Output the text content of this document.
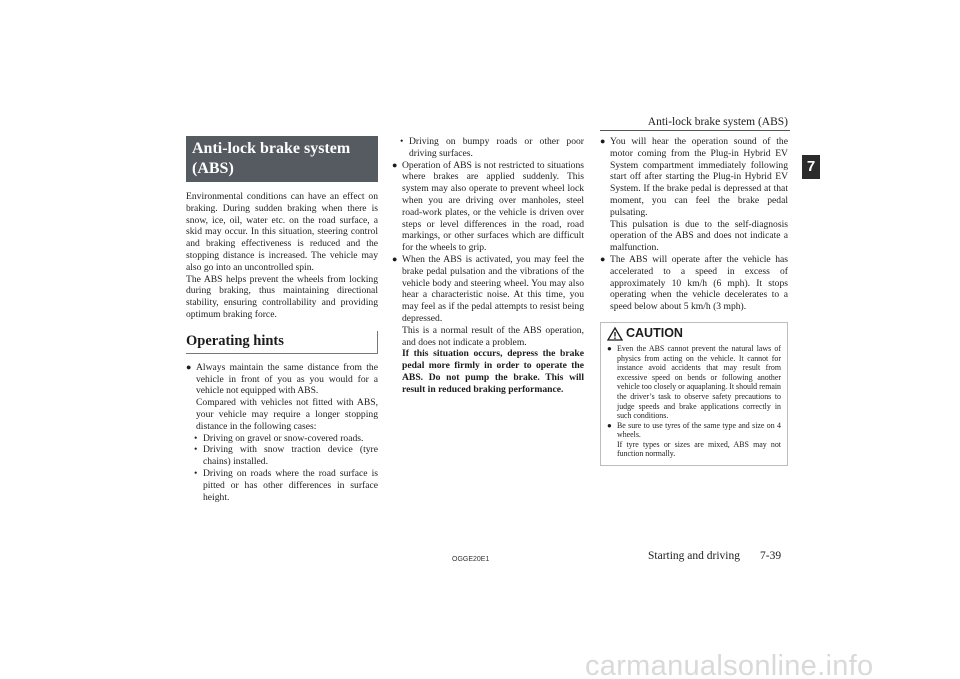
Anti-lock brake system (ABS)
7
Anti-lock brake system
(ABS)

Environmental conditions can have an effect on braking. During sudden braking when there is snow, ice, oil, water etc. on the road surface, a skid may occur. In this situation, steering control and braking effectiveness is reduced and the stopping distance is increased. The vehicle may also go into an uncontrolled spin.

The ABS helps prevent the wheels from locking during braking, thus maintaining directional stability, ensuring controllability and providing optimum braking force.

Operating hints
● Always maintain the same distance from the vehicle in front of you as you would for a vehicle not equipped with ABS.
Compared with vehicles not fitted with ABS, your vehicle may require a longer stopping distance in the following cases:
• Driving on gravel or snow-covered roads.
• Driving with snow traction device (tyre chains) installed.
• Driving on roads where the road surface is pitted or has other differences in surface height.
• Driving on bumpy roads or other poor driving surfaces.
● Operation of ABS is not restricted to situations where brakes are applied suddenly. This system may also operate to prevent wheel lock when you are driving over manholes, steel road-work plates, or the vehicle is driven over steps or level differences in the road, road markings, or other surfaces which are difficult for the wheels to grip.
● When the ABS is activated, you may feel the brake pedal pulsation and the vibrations of the vehicle body and steering wheel. You may also hear a characteristic noise. At this time, you may feel as if the pedal attempts to resist being depressed.
This is a normal result of the ABS operation, and does not indicate a problem.
If this situation occurs, depress the brake pedal more firmly in order to operate the ABS. Do not pump the brake. This will result in reduced braking performance.
● You will hear the operation sound of the motor coming from the Plug-in Hybrid EV System compartment immediately following start off after starting the Plug-in Hybrid EV System. If the brake pedal is depressed at that moment, you can feel the brake pedal pulsating.
This pulsation is due to the self-diagnosis operation of the ABS and does not indicate a malfunction.
● The ABS will operate after the vehicle has accelerated to a speed in excess of approximately 10 km/h (6 mph). It stops operating when the vehicle decelerates to a speed below about 5 km/h (3 mph).
CAUTION
● Even the ABS cannot prevent the natural laws of physics from acting on the vehicle. It cannot for instance avoid accidents that may result from excessive speed on bends or following another vehicle too closely or aquaplaning. It should remain the driver’s task to observe safety precautions to judge speeds and brake applications correctly in such conditions.
● Be sure to use tyres of the same type and size on 4 wheels.
If tyre types or sizes are mixed, ABS may not function normally.
OGGE20E1	Starting and driving 7-39
carmanualsonline.info
